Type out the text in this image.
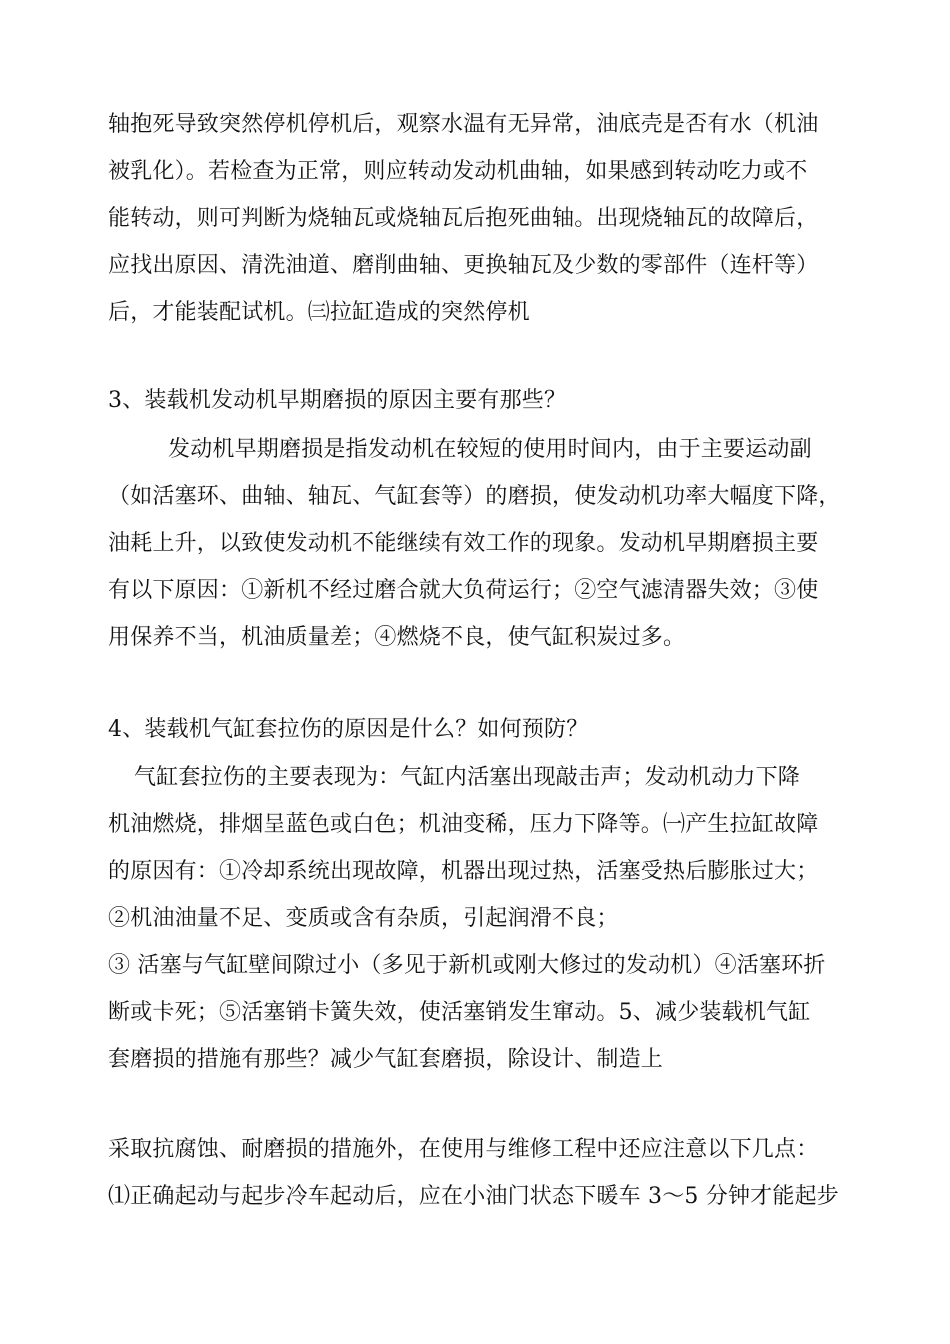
轴抱死导致突然停机停机后，观察水温有无异常，油底壳是否有水（机油
被乳化）。若检查为正常，则应转动发动机曲轴，如果感到转动吃力或不
能转动，则可判断为烧轴瓦或烧轴瓦后抱死曲轴。出现烧轴瓦的故障后，
应找出原因、清洗油道、磨削曲轴、更换轴瓦及少数的零部件（连杆等）
后，才能装配试机。㈢拉缸造成的突然停机
3、装载机发动机早期磨损的原因主要有那些？
发动机早期磨损是指发动机在较短的使用时间内，由于主要运动副
（如活塞环、曲轴、轴瓦、气缸套等）的磨损，使发动机功率大幅度下降，
油耗上升，以致使发动机不能继续有效工作的现象。发动机早期磨损主要
有以下原因：①新机不经过磨合就大负荷运行；②空气滤清器失效；③使
用保养不当，机油质量差；④燃烧不良，使气缸积炭过多。
4、装载机气缸套拉伤的原因是什么？如何预防？
气缸套拉伤的主要表现为：气缸内活塞出现敲击声；发动机动力下降
机油燃烧，排烟呈蓝色或白色；机油变稀，压力下降等。㈠产生拉缸故障
的原因有：①冷却系统出现故障，机器出现过热，活塞受热后膨胀过大；
②机油油量不足、变质或含有杂质，引起润滑不良；
③ 活塞与气缸壁间隙过小（多见于新机或刚大修过的发动机）④活塞环折
断或卡死；⑤活塞销卡簧失效，使活塞销发生窜动。5、减少装载机气缸
套磨损的措施有那些？减少气缸套磨损，除设计、制造上
采取抗腐蚀、耐磨损的措施外，在使用与维修工程中还应注意以下几点：
⑴正确起动与起步冷车起动后，应在小油门状态下暖车 3～5 分钟才能起步
